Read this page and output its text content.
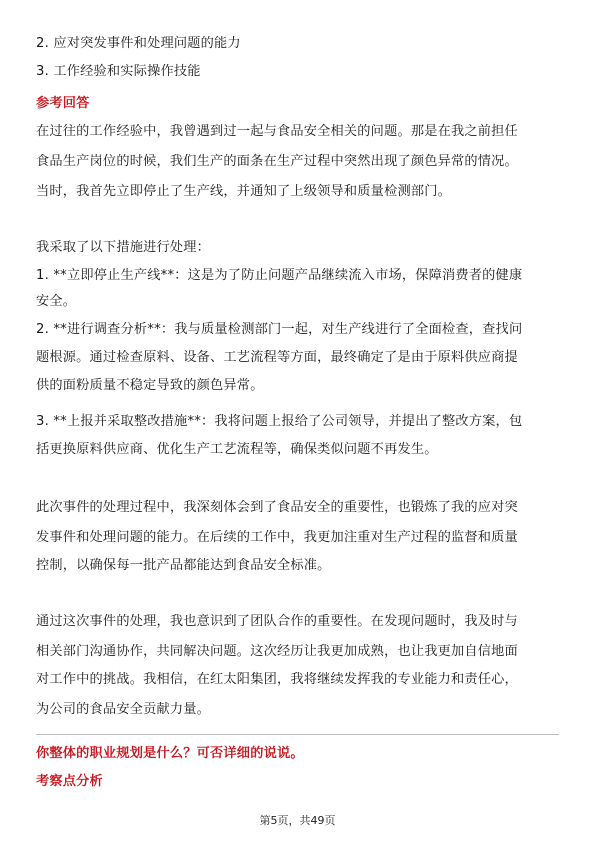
2. 应对突发事件和处理问题的能力
3. 工作经验和实际操作技能
参考回答
在过往的工作经验中，我曾遇到过一起与食品安全相关的问题。那是在我之前担任
食品生产岗位的时候，我们生产的面条在生产过程中突然出现了颜色异常的情况。
当时，我首先立即停止了生产线，并通知了上级领导和质量检测部门。
我采取了以下措施进行处理：
1. **立即停止生产线**：这是为了防止问题产品继续流入市场，保障消费者的健康
安全。
2. **进行调查分析**：我与质量检测部门一起，对生产线进行了全面检查，查找问
题根源。通过检查原料、设备、工艺流程等方面，最终确定了是由于原料供应商提
供的面粉质量不稳定导致的颜色异常。
3. **上报并采取整改措施**：我将问题上报给了公司领导，并提出了整改方案，包
括更换原料供应商、优化生产工艺流程等，确保类似问题不再发生。
此次事件的处理过程中，我深刻体会到了食品安全的重要性，也锻炼了我的应对突
发事件和处理问题的能力。在后续的工作中，我更加注重对生产过程的监督和质量
控制，以确保每一批产品都能达到食品安全标准。
通过这次事件的处理，我也意识到了团队合作的重要性。在发现问题时，我及时与
相关部门沟通协作，共同解决问题。这次经历让我更加成熟，也让我更加自信地面
对工作中的挑战。我相信，在红太阳集团，我将继续发挥我的专业能力和责任心，
为公司的食品安全贡献力量。
你整体的职业规划是什么？可否详细的说说。
考察点分析
第5页，共49页
